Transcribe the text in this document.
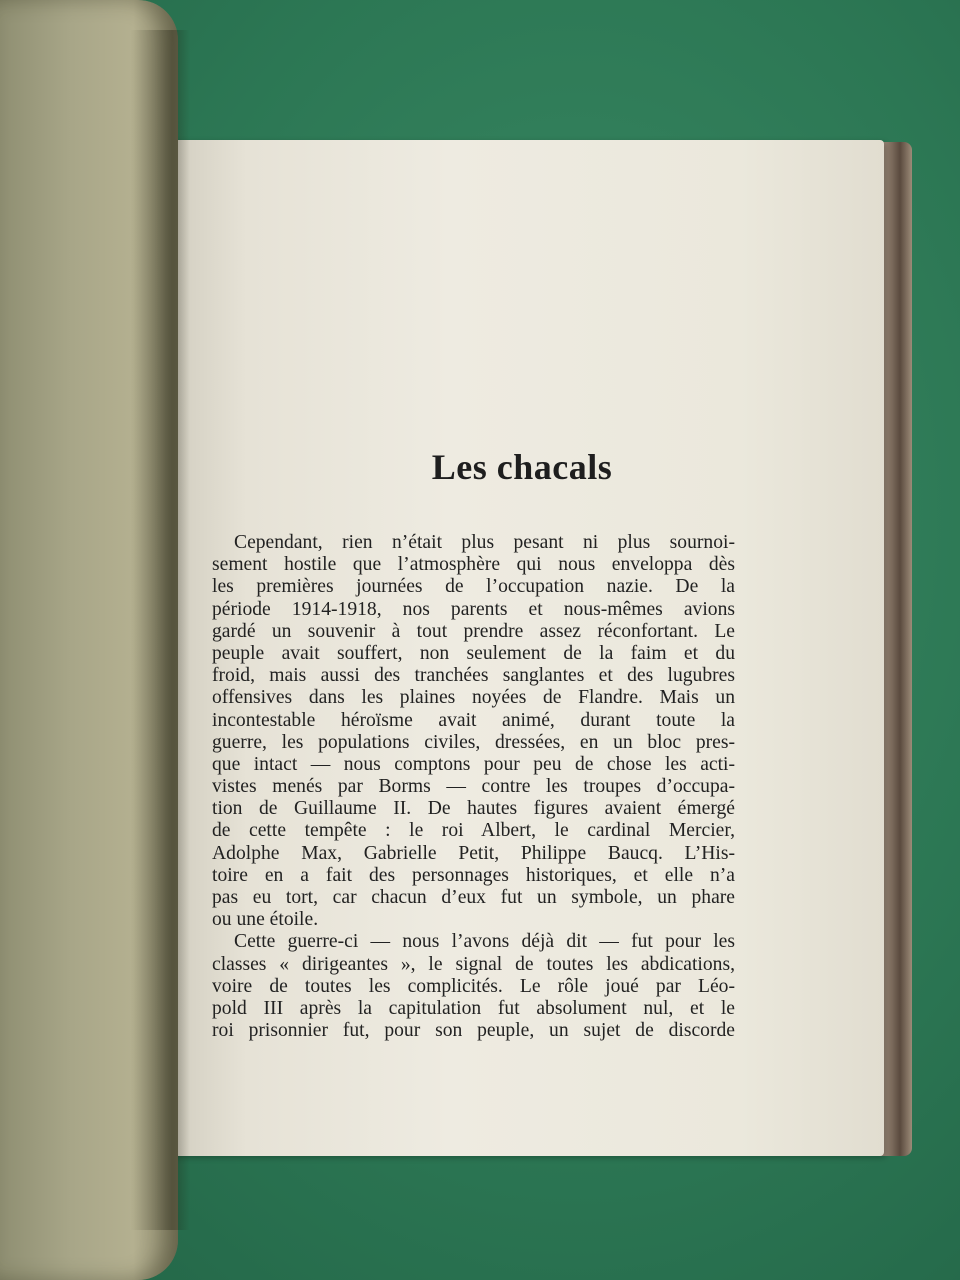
Les chacals
Cependant, rien n’était plus pesant ni plus sournoi-
sement hostile que l’atmosphère qui nous enveloppa dès
les premières journées de l’occupation nazie. De la
période 1914-1918, nos parents et nous-mêmes avions
gardé un souvenir à tout prendre assez réconfortant. Le
peuple avait souffert, non seulement de la faim et du
froid, mais aussi des tranchées sanglantes et des lugubres
offensives dans les plaines noyées de Flandre. Mais un
incontestable héroïsme avait animé, durant toute la
guerre, les populations civiles, dressées, en un bloc pres-
que intact — nous comptons pour peu de chose les acti-
vistes menés par Borms — contre les troupes d’occupa-
tion de Guillaume II. De hautes figures avaient émergé
de cette tempête : le roi Albert, le cardinal Mercier,
Adolphe Max, Gabrielle Petit, Philippe Baucq. L’His-
toire en a fait des personnages historiques, et elle n’a
pas eu tort, car chacun d’eux fut un symbole, un phare
ou une étoile.
Cette guerre-ci — nous l’avons déjà dit — fut pour les
classes « dirigeantes », le signal de toutes les abdications,
voire de toutes les complicités. Le rôle joué par Léo-
pold III après la capitulation fut absolument nul, et le
roi prisonnier fut, pour son peuple, un sujet de discorde
